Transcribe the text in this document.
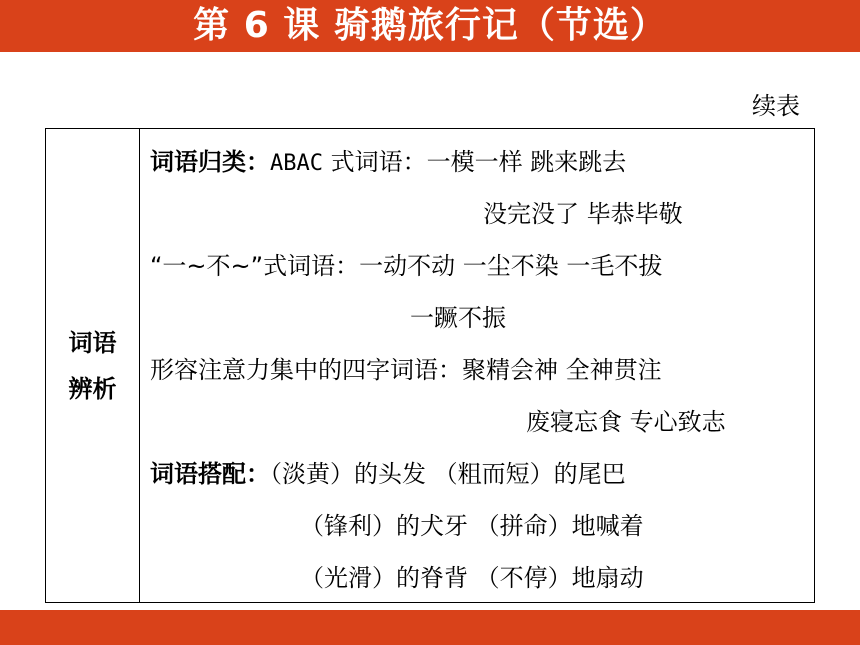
第 6 课 骑鹅旅行记（节选）
续表
词语
辨析

词语归类：ABAC 式词语：一模一样 跳来跳去
没完没了 毕恭毕敬
“一~不~”式词语：一动不动 一尘不染 一毛不拔
一蹶不振
形容注意力集中的四字词语：聚精会神 全神贯注
废寝忘食 专心致志
词语搭配：（淡黄）的头发 （粗而短）的尾巴
（锋利）的犬牙 （拼命）地喊着
（光滑）的脊背 （不停）地扇动
